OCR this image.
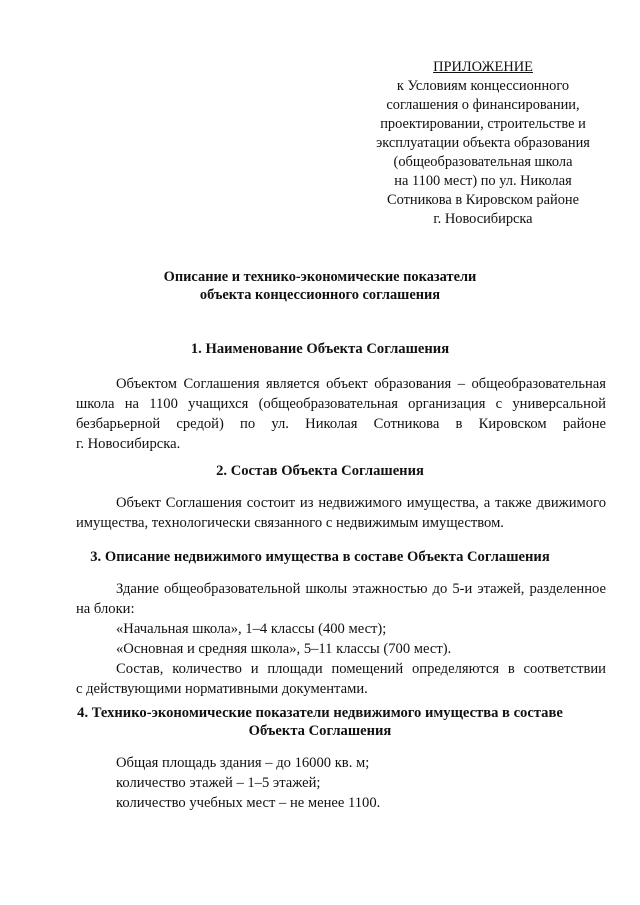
ПРИЛОЖЕНИЕ
к Условиям концессионного
соглашения о финансировании,
проектировании, строительстве и
эксплуатации объекта образования
(общеобразовательная школа
на 1100 мест) по ул. Николая
Сотникова в Кировском районе
г. Новосибирска
Описание и технико-экономические показатели
объекта концессионного соглашения
1. Наименование Объекта Соглашения
Объектом Соглашения является объект образования – общеобразовательная
школа на 1100 учащихся (общеобразовательная организация с универсальной
безбарьерной средой) по ул. Николая Сотникова в Кировском районе
г. Новосибирска.
2. Состав Объекта Соглашения
Объект Соглашения состоит из недвижимого имущества, а также движимого
имущества, технологически связанного с недвижимым имуществом.
3. Описание недвижимого имущества в составе Объекта Соглашения
Здание общеобразовательной школы этажностью до 5-и этажей, разделенное
на блоки:
«Начальная школа», 1–4 классы (400 мест);
«Основная и средняя школа», 5–11 классы (700 мест).
Состав, количество и площади помещений определяются в соответствии
с действующими нормативными документами.
4. Технико-экономические показатели недвижимого имущества в составе
Объекта Соглашения
Общая площадь здания – до 16000 кв. м;
количество этажей – 1–5 этажей;
количество учебных мест – не менее 1100.
